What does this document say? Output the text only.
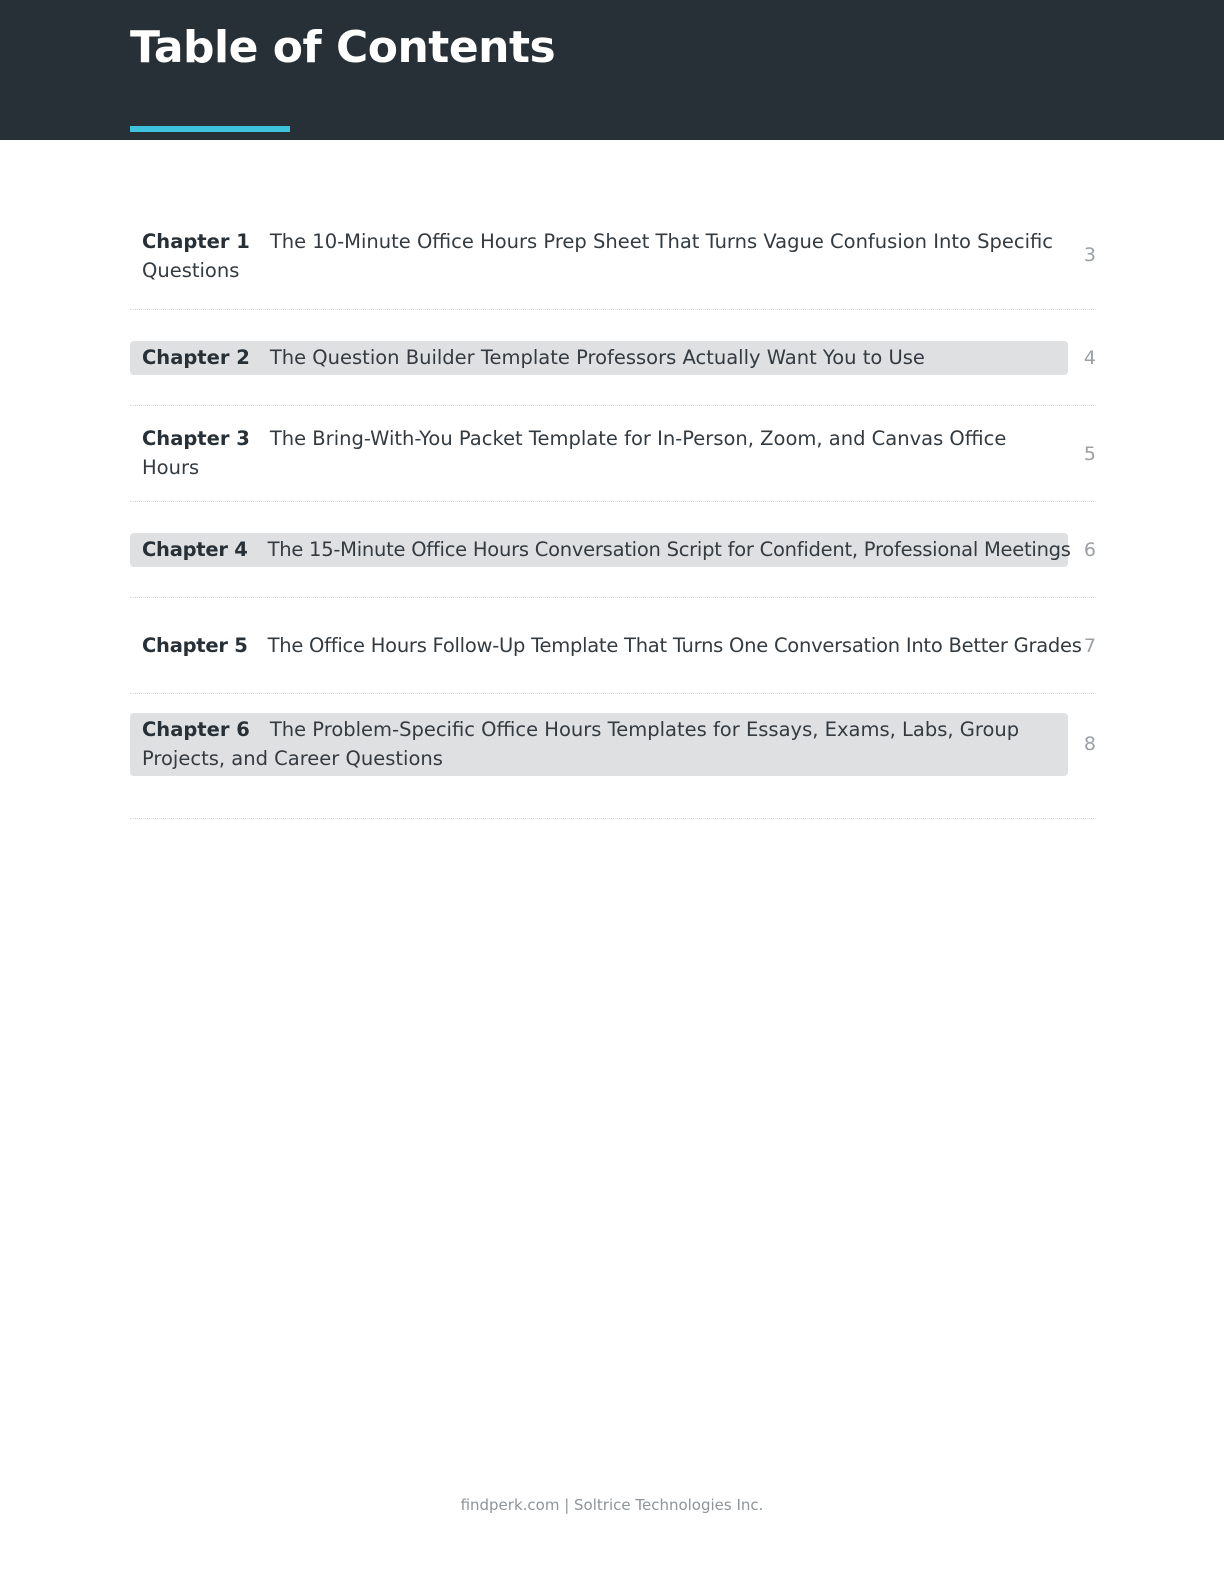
Table of Contents
Chapter 1 The 10-Minute Office Hours Prep Sheet That Turns Vague Confusion Into Specific Questions
3
Chapter 2 The Question Builder Template Professors Actually Want You to Use	4
Chapter 3 The Bring-With-You Packet Template for In-Person, Zoom, and Canvas Office Hours
5
Chapter 4 The 15-Minute Office Hours Conversation Script for Confident, Professional Meetings 6
Chapter 5 The Office Hours Follow-Up Template That Turns One Conversation Into Better Grades 7
Chapter 6 The Problem-Specific Office Hours Templates for Essays, Exams, Labs, Group Projects, and Career Questions
8
findperk.com | Soltrice Technologies Inc.
